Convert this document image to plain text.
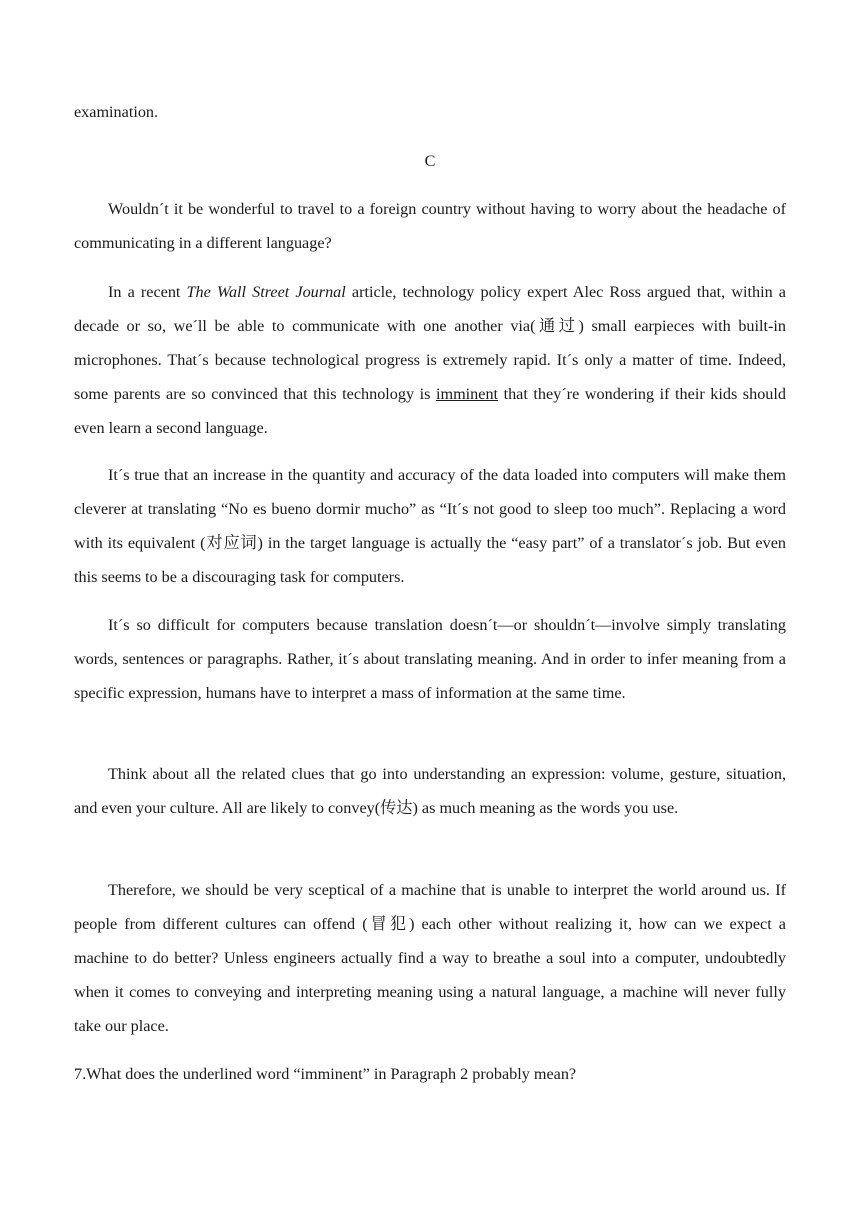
examination.
C

Wouldn´t it be wonderful to travel to a foreign country without having to worry about the headache of communicating in a different language?

In a recent The Wall Street Journal article, technology policy expert Alec Ross argued that, within a decade or so, we´ll be able to communicate with one another via(通过) small earpieces with built-in microphones. That´s because technological progress is extremely rapid. It´s only a matter of time. Indeed, some parents are so convinced that this technology is imminent that they´re wondering if their kids should even learn a second language.

It´s true that an increase in the quantity and accuracy of the data loaded into computers will make them cleverer at translating “No es bueno dormir mucho” as “It´s not good to sleep too much”. Replacing a word with its equivalent (对应词) in the target language is actually the “easy part” of a translator´s job. But even this seems to be a discouraging task for computers.

It´s so difficult for computers because translation doesn´t—or shouldn´t—involve simply translating words, sentences or paragraphs. Rather, it´s about translating meaning. And in order to infer meaning from a specific expression, humans have to interpret a mass of information at the same time.

Think about all the related clues that go into understanding an expression: volume, gesture, situation, and even your culture. All are likely to convey(传达) as much meaning as the words you use.

Therefore, we should be very sceptical of a machine that is unable to interpret the world around us. If people from different cultures can offend (冒犯) each other without realizing it, how can we expect a machine to do better? Unless engineers actually find a way to breathe a soul into a computer, undoubtedly when it comes to conveying and interpreting meaning using a natural language, a machine will never fully take our place.

7.What does the underlined word “imminent” in Paragraph 2 probably mean?
